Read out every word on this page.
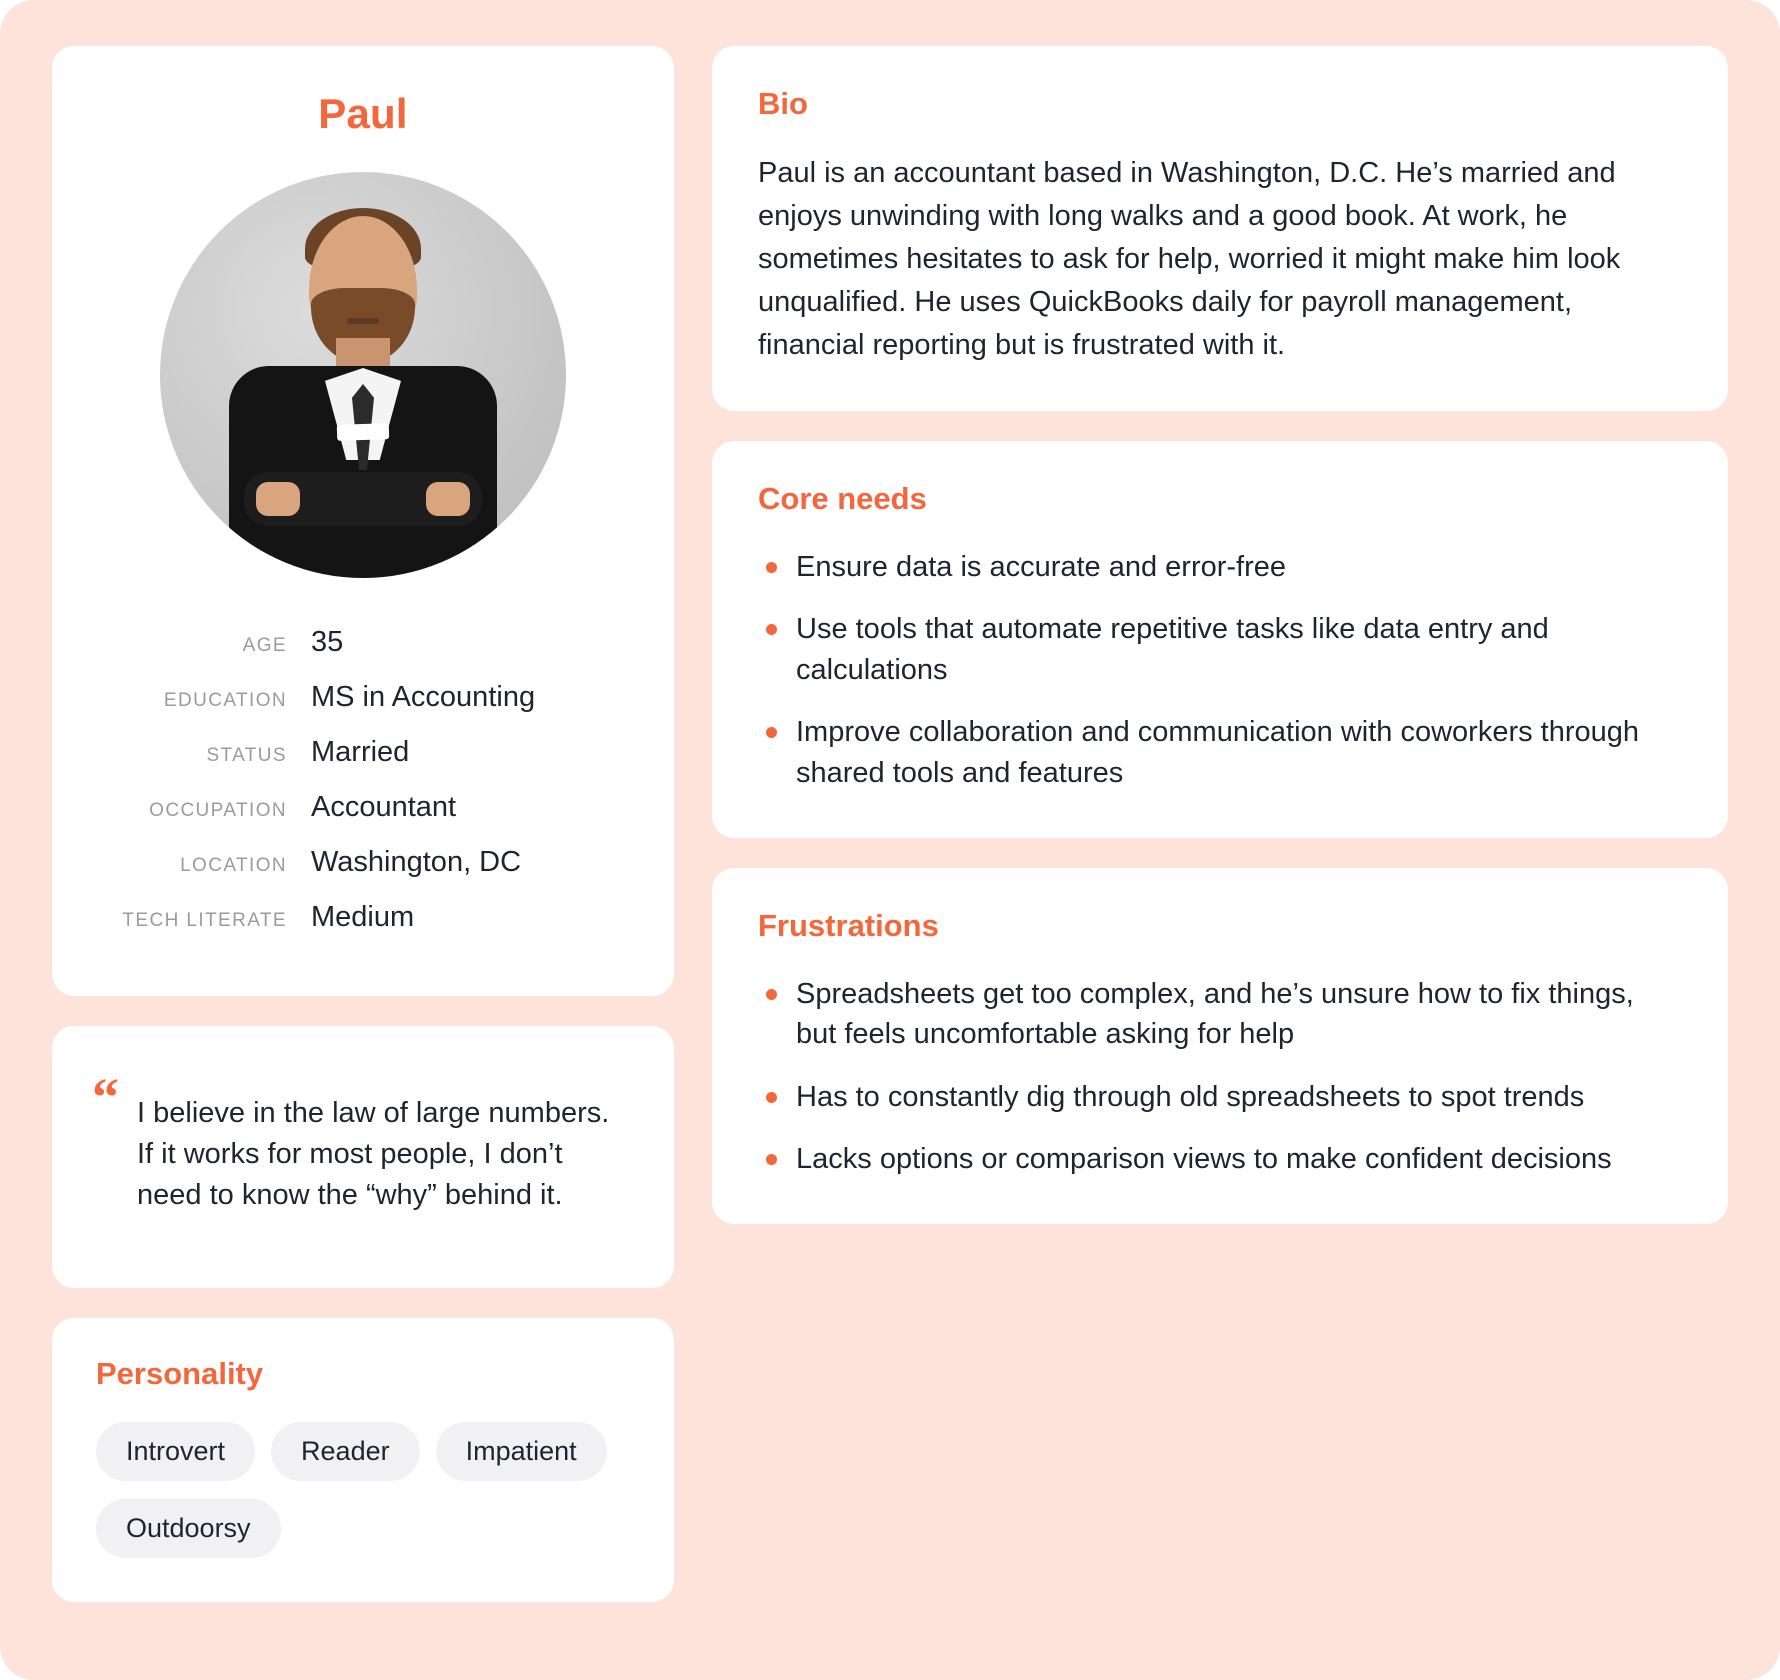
Paul
AGE	35
EDUCATION	MS in Accounting
STATUS	Married
OCCUPATION	Accountant
LOCATION	Washington, DC
TECH LITERATE	Medium
“ I believe in the law of large numbers. If it works for most people, I don’t need to know the “why” behind it.

Personality
Introvert	Reader	Impatient
Outdoorsy
Bio

Paul is an accountant based in Washington, D.C. He’s married and enjoys unwinding with long walks and a good book. At work, he sometimes hesitates to ask for help, worried it might make him look unqualified. He uses QuickBooks daily for payroll management, financial reporting but is frustrated with it.

Core needs
Ensure data is accurate and error-free
Use tools that automate repetitive tasks like data entry and calculations
Improve collaboration and communication with coworkers through shared tools and features
Frustrations
Spreadsheets get too complex, and he’s unsure how to fix things, but feels uncomfortable asking for help
Has to constantly dig through old spreadsheets to spot trends
Lacks options or comparison views to make confident decisions
